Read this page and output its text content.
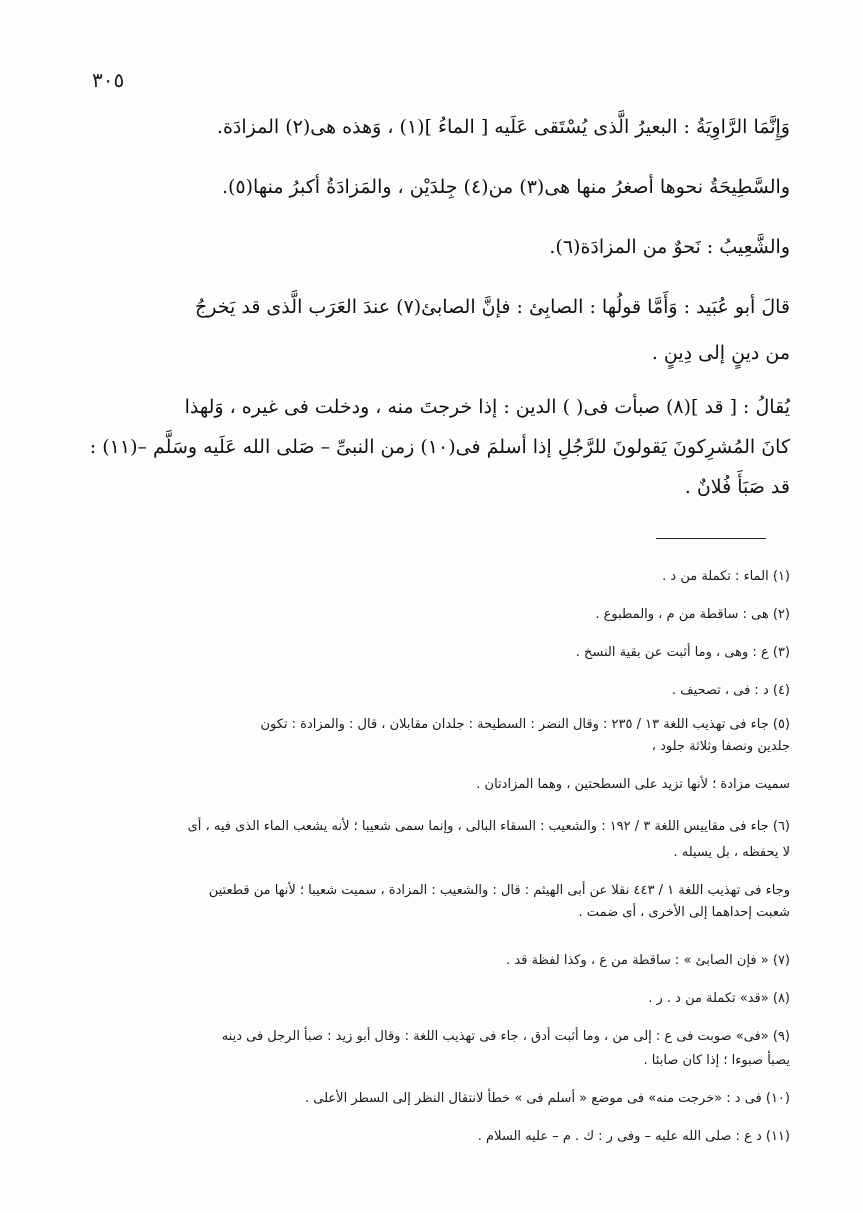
٣٠٥
وَإِنَّمَا الرَّاوِيَةُ : البعيرُ الَّذى يُسْتَقى عَلَيه [ الماءُ ](١) ، وَهذه هى(٢) المزادَة.
والسَّطِيحَةُ نحوها أصغرُ منها هى(٣) من(٤) جِلدَيْن ، والمَزادَةُ أكبرُ منها(٥).
والشَّعِيبُ : نَحوٌ من المزادَة(٦).
قالَ أبو عُبَيد : وَأَمَّا قولُها : الصابِئ : فإنَّ الصابئ(٧) عندَ العَرَب الَّذى قد يَخرجُ
من دينٍ إلى دِينٍ .
يُقالُ : [ قد ](٨) صبأت فى( ) الدين : إذا خرجتَ منه ، ودخلت فى غيره ، وَلهذا
كانَ المُشرِكونَ يَقولونَ للرَّجُلِ إذا أسلمَ فى(١٠) زمن النبىِّ – صَلى الله عَلَيه وسَلَّم –(١١) :
قد صَبَأَ فُلانٌ .
(١) الماء : تكملة من د .
(٢) هى : ساقطة من م ، والمطبوع .
(٣) ع : وهى ، وما أثبت عن بقية النسخ .
(٤) د : فى ، تصحيف .
(٥) جاء فى تهذيب اللغة ١٣ / ٢٣٥ : وقال النضر : السطيحة : جلدان مقابلان ، قال : والمزادة : تكون
جلدين ونصفا وثلاثة جلود ،
سميت مزادة ؛ لأنها تزيد على السطحتين ، وهما المزادتان .
(٦) جاء فى مقاييس اللغة ٣ / ١٩٢ : والشعيب : السقاء البالى ، وإنما سمى شعيبا ؛ لأنه يشعب الماء الذى فيه ، أى
لا يحفظه ، بل يسيله .
وجاء فى تهذيب اللغة ١ / ٤٤٣ نقلا عن أبى الهيثم : قال : والشعيب : المزادة ، سميت شعيبا ؛ لأنها من قطعتين
شعبت إحداهما إلى الأخرى ، أى ضمت .
(٧) « فإن الصابئ » : ساقطة من ع ، وكذا لفظة قد .
(٨) «قد» تكملة من د . ر .
(٩) «فى» صوبت فى ع : إلى من ، وما أثبت أدق ، جاء فى تهذيب اللغة : وقال أبو زيد : صبأ الرجل فى دينه
يصبأ صبوءا ؛ إذا كان صابئا .
(١٠) فى د : «خرجت منه» فى موضع « أسلم فى » خطأ لانتقال النظر إلى السطر الأعلى .
(١١) د ع : صلى الله عليه – وفى ر : ك . م – عليه السلام .
